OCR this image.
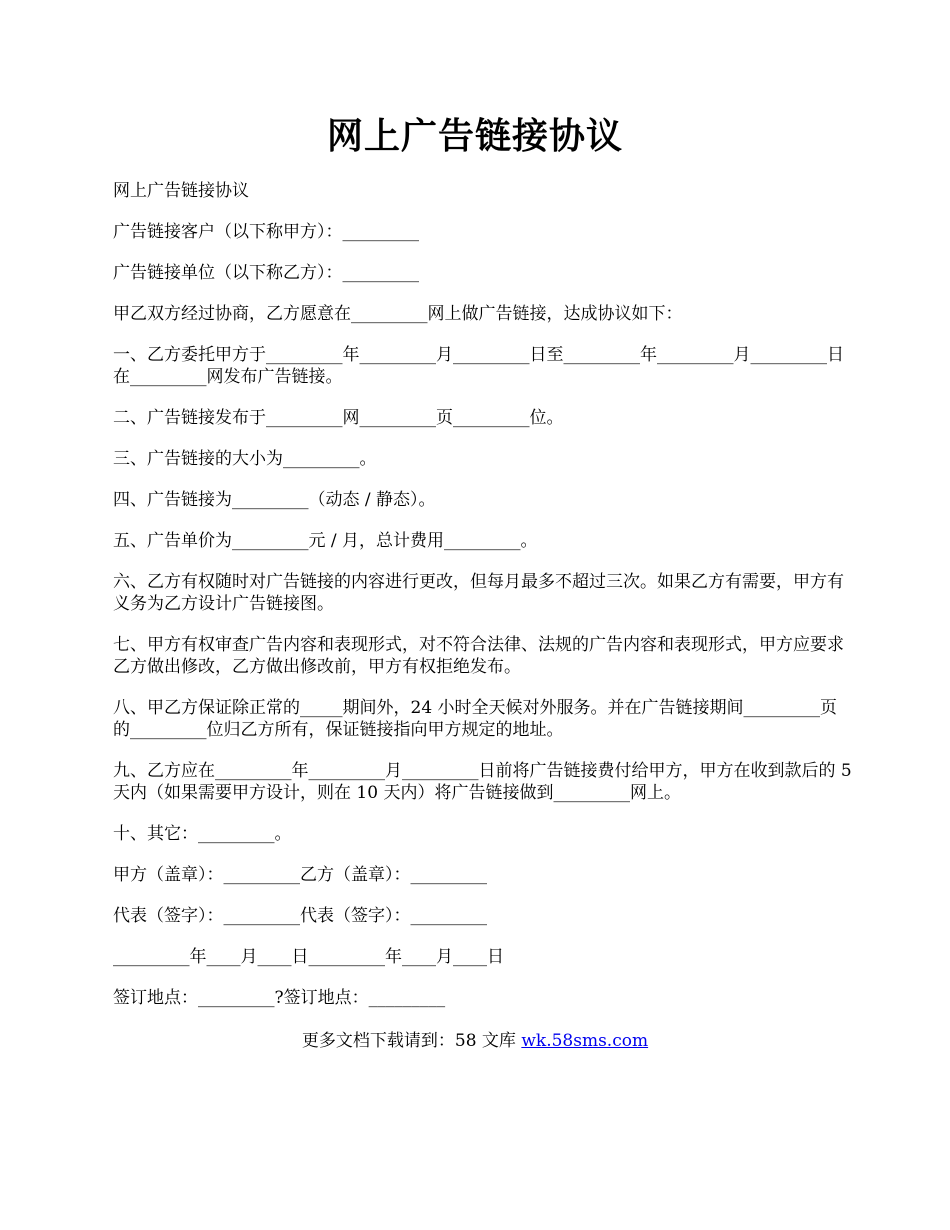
网上广告链接协议

网上广告链接协议

广告链接客户（以下称甲方）：_________

广告链接单位（以下称乙方）：_________

甲乙双方经过协商，乙方愿意在_________网上做广告链接，达成协议如下：

一、乙方委托甲方于_________年_________月_________日至_________年_________月_________日在_________网发布广告链接。

二、广告链接发布于_________网_________页_________位。

三、广告链接的大小为_________。

四、广告链接为_________（动态 / 静态）。

五、广告单价为_________元 / 月，总计费用_________。

六、乙方有权随时对广告链接的内容进行更改，但每月最多不超过三次。如果乙方有需要，甲方有义务为乙方设计广告链接图。

七、甲方有权审查广告内容和表现形式，对不符合法律、法规的广告内容和表现形式，甲方应要求乙方做出修改，乙方做出修改前，甲方有权拒绝发布。

八、甲乙方保证除正常的_____期间外，24 小时全天候对外服务。并在广告链接期间_________页的_________位归乙方所有，保证链接指向甲方规定的地址。

九、乙方应在_________年_________月_________日前将广告链接费付给甲方，甲方在收到款后的 5 天内（如果需要甲方设计，则在 10 天内）将广告链接做到_________网上。

十、其它：_________。

甲方（盖章）：_________乙方（盖章）：_________

代表（签字）：_________代表（签字）：_________

_________年____月____日_________年____月____日

签订地点：_________?签订地点：_________

更多文档下载请到：58 文库 wk.58sms.com
